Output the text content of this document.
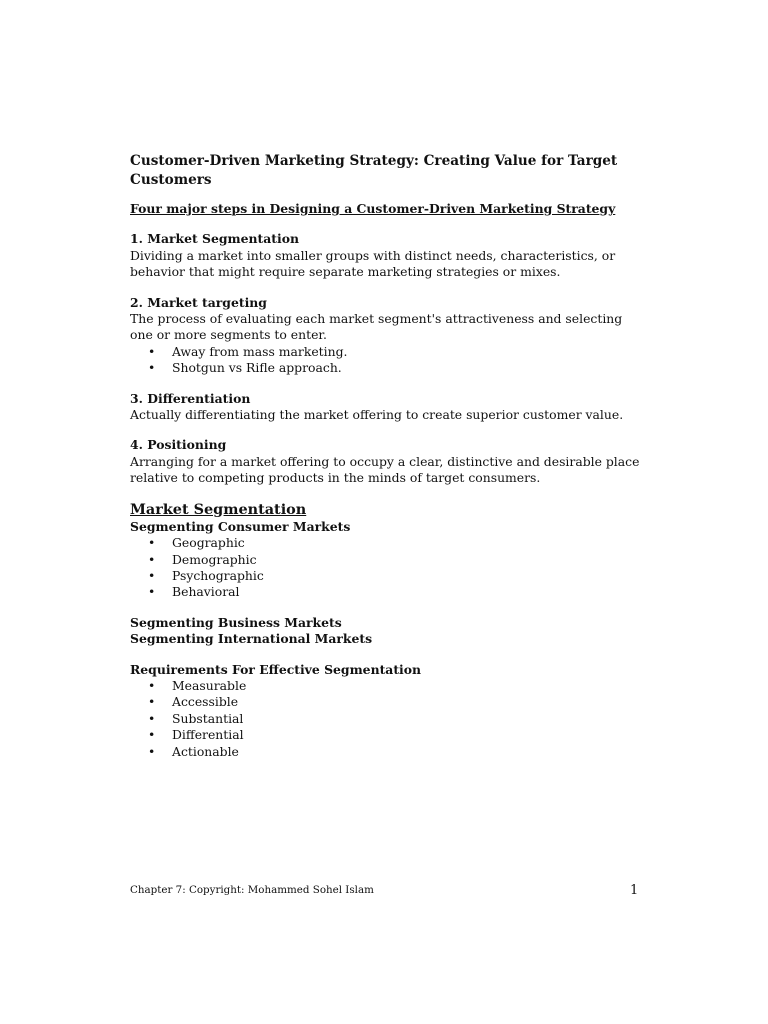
Customer-Driven Marketing Strategy: Creating Value for Target Customers
Four major steps in Designing a Customer-Driven Marketing Strategy
1. Market Segmentation
Dividing a market into smaller groups with distinct needs, characteristics, or behavior that might require separate marketing strategies or mixes.
2. Market targeting
The process of evaluating each market segment's attractiveness and selecting one or more segments to enter.
• Away from mass marketing.
• Shotgun vs Rifle approach.
3. Differentiation
Actually differentiating the market offering to create superior customer value.
4. Positioning
Arranging for a market offering to occupy a clear, distinctive and desirable place relative to competing products in the minds of target consumers.
Market Segmentation
Segmenting Consumer Markets
• Geographic
• Demographic
• Psychographic
• Behavioral
Segmenting Business Markets
Segmenting International Markets
Requirements For Effective Segmentation
• Measurable
• Accessible
• Substantial
• Differential
• Actionable
Chapter 7: Copyright: Mohammed Sohel Islam	1
